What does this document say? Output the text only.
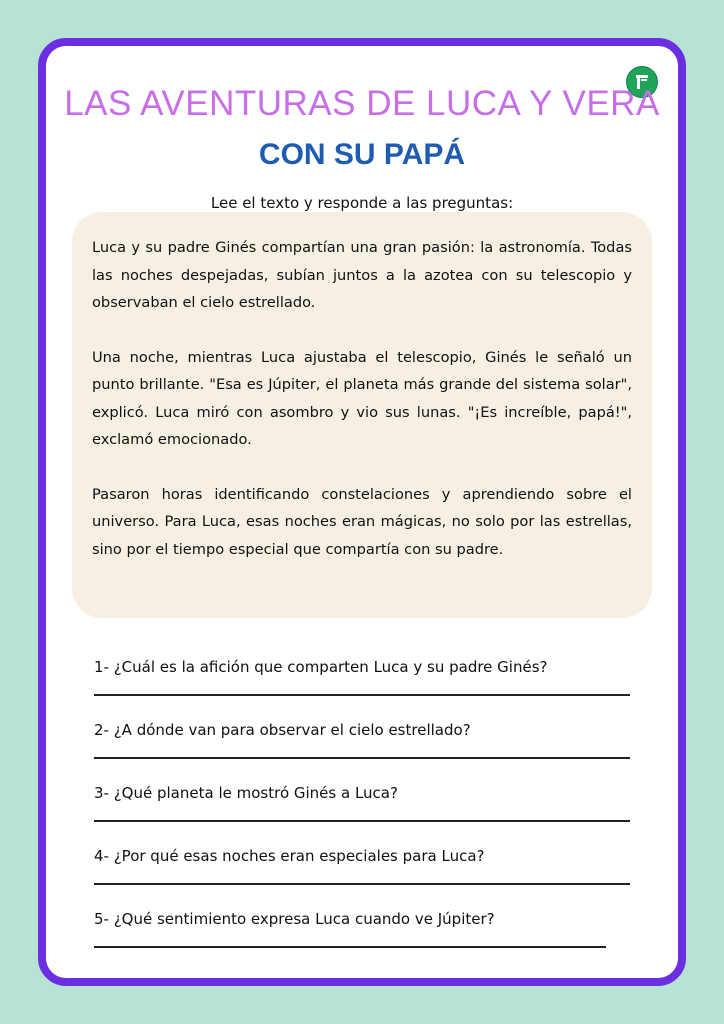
LAS AVENTURAS DE LUCA Y VERA
CON SU PAPÁ
Lee el texto y responde a las preguntas:

Luca y su padre Ginés compartían una gran pasión: la astronomía. Todas las noches despejadas, subían juntos a la azotea con su telescopio y observaban el cielo estrellado.

Una noche, mientras Luca ajustaba el telescopio, Ginés le señaló un punto brillante. "Esa es Júpiter, el planeta más grande del sistema solar", explicó. Luca miró con asombro y vio sus lunas. "¡Es increíble, papá!", exclamó emocionado.

Pasaron horas identificando constelaciones y aprendiendo sobre el universo. Para Luca, esas noches eran mágicas, no solo por las estrellas, sino por el tiempo especial que compartía con su padre.

1- ¿Cuál es la afición que comparten Luca y su padre Ginés?
2- ¿A dónde van para observar el cielo estrellado?
3- ¿Qué planeta le mostró Ginés a Luca?
4- ¿Por qué esas noches eran especiales para Luca?
5- ¿Qué sentimiento expresa Luca cuando ve Júpiter?
